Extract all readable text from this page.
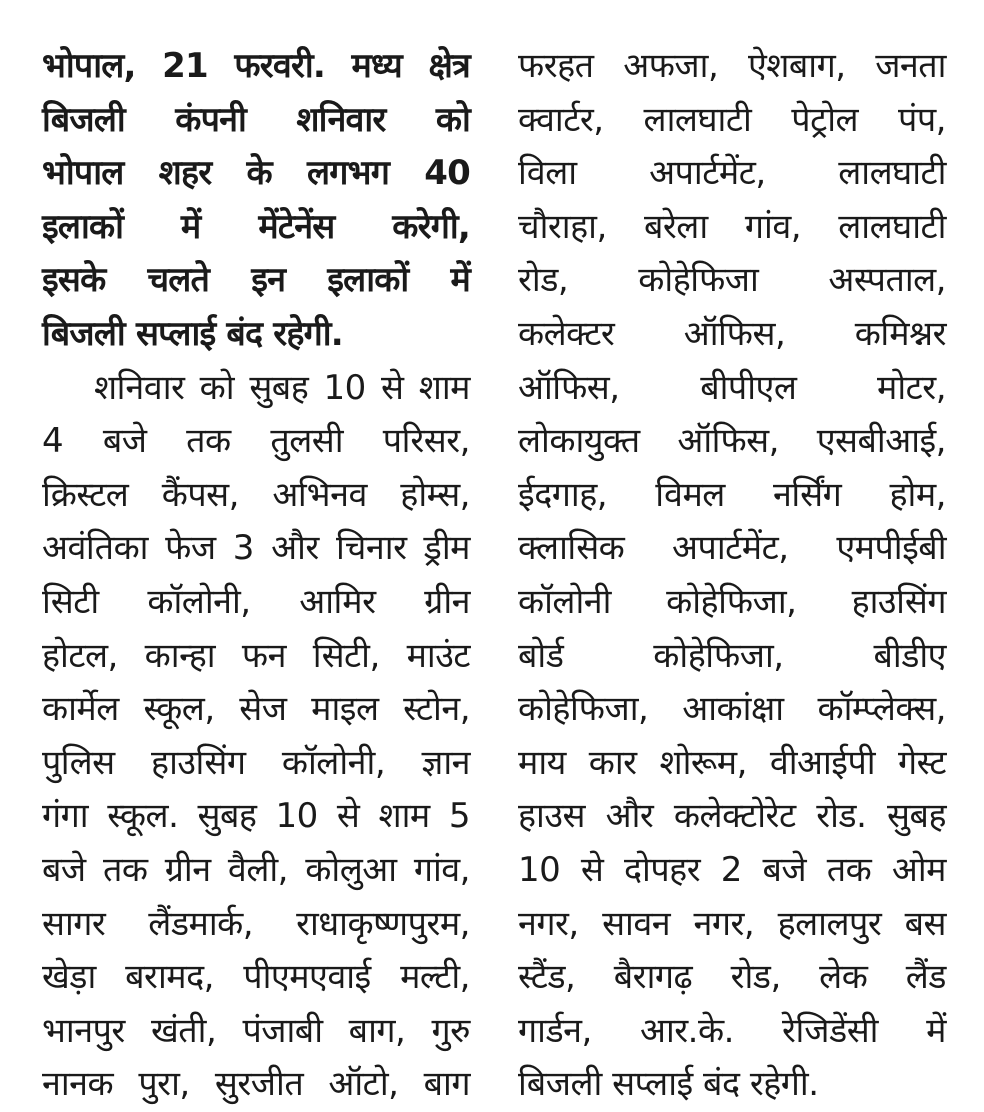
भोपाल, 21 फरवरी. मध्य क्षेत्र
बिजली कंपनी शनिवार को
भोपाल शहर के लगभग 40
इलाकों में मेंटेनेंस करेगी,
इसके चलते इन इलाकों में
बिजली सप्लाई बंद रहेगी.
शनिवार को सुबह 10 से शाम
4 बजे तक तुलसी परिसर,
क्रिस्टल कैंपस, अभिनव होम्स,
अवंतिका फेज 3 और चिनार ड्रीम
सिटी कॉलोनी, आमिर ग्रीन
होटल, कान्हा फन सिटी, माउंट
कार्मेल स्कूल, सेज माइल स्टोन,
पुलिस हाउसिंग कॉलोनी, ज्ञान
गंगा स्कूल. सुबह 10 से शाम 5
बजे तक ग्रीन वैली, कोलुआ गांव,
सागर लैंडमार्क, राधाकृष्णपुरम,
खेड़ा बरामद, पीएमएवाई मल्टी,
भानपुर खंती, पंजाबी बाग, गुरु
नानक पुरा, सुरजीत ऑटो, बाग
फरहत अफजा, ऐशबाग, जनता
क्वार्टर, लालघाटी पेट्रोल पंप,
विला अपार्टमेंट, लालघाटी
चौराहा, बरेला गांव, लालघाटी
रोड, कोहेफिजा अस्पताल,
कलेक्टर ऑफिस, कमिश्नर
ऑफिस, बीपीएल मोटर,
लोकायुक्त ऑफिस, एसबीआई,
ईदगाह, विमल नर्सिंग होम,
क्लासिक अपार्टमेंट, एमपीईबी
कॉलोनी कोहेफिजा, हाउसिंग
बोर्ड कोहेफिजा, बीडीए
कोहेफिजा, आकांक्षा कॉम्प्लेक्स,
माय कार शोरूम, वीआईपी गेस्ट
हाउस और कलेक्टोरेट रोड. सुबह
10 से दोपहर 2 बजे तक ओम
नगर, सावन नगर, हलालपुर बस
स्टैंड, बैरागढ़ रोड, लेक लैंड
गार्डन, आर.के. रेजिडेंसी में
बिजली सप्लाई बंद रहेगी.
